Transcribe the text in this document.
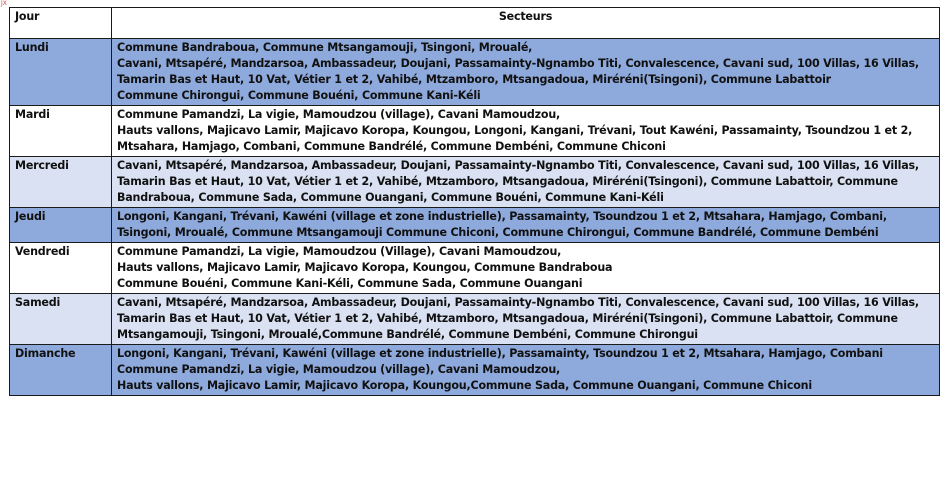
JX
Jour	Secteurs
Lundi	Commune Bandraboua, Commune Mtsangamouji, Tsingoni, Mroualé,
Cavani, Mtsapéré, Mandzarsoa, Ambassadeur, Doujani, Passamainty-Ngnambo Titi, Convalescence, Cavani sud, 100 Villas, 16 Villas,
Tamarin Bas et Haut, 10 Vat, Vétier 1 et 2, Vahibé, Mtzamboro, Mtsangadoua, Miréréni(Tsingoni), Commune Labattoir
Commune Chirongui, Commune Bouéni, Commune Kani-Kéli

Mardi	Commune Pamandzi, La vigie, Mamoudzou (village), Cavani Mamoudzou,
Hauts vallons, Majicavo Lamir, Majicavo Koropa, Koungou, Longoni, Kangani, Trévani, Tout Kawéni, Passamainty, Tsoundzou 1 et 2,
Mtsahara, Hamjago, Combani, Commune Bandrélé, Commune Dembéni, Commune Chiconi

Mercredi	Cavani, Mtsapéré, Mandzarsoa, Ambassadeur, Doujani, Passamainty-Ngnambo Titi, Convalescence, Cavani sud, 100 Villas, 16 Villas,
Tamarin Bas et Haut, 10 Vat, Vétier 1 et 2, Vahibé, Mtzamboro, Mtsangadoua, Miréréni(Tsingoni), Commune Labattoir, Commune
Bandraboua, Commune Sada, Commune Ouangani, Commune Bouéni, Commune Kani-Kéli

Jeudi	Longoni, Kangani, Trévani, Kawéni (village et zone industrielle), Passamainty, Tsoundzou 1 et 2, Mtsahara, Hamjago, Combani,
Tsingoni, Mroualé, Commune Mtsangamouji Commune Chiconi, Commune Chirongui, Commune Bandrélé, Commune Dembéni

Vendredi	Commune Pamandzi, La vigie, Mamoudzou (Village), Cavani Mamoudzou,
Hauts vallons, Majicavo Lamir, Majicavo Koropa, Koungou, Commune Bandraboua
Commune Bouéni, Commune Kani-Kéli, Commune Sada, Commune Ouangani

Samedi	Cavani, Mtsapéré, Mandzarsoa, Ambassadeur, Doujani, Passamainty-Ngnambo Titi, Convalescence, Cavani sud, 100 Villas, 16 Villas,
Tamarin Bas et Haut, 10 Vat, Vétier 1 et 2, Vahibé, Mtzamboro, Mtsangadoua, Miréréni(Tsingoni), Commune Labattoir, Commune
Mtsangamouji, Tsingoni, Mroualé,Commune Bandrélé, Commune Dembéni, Commune Chirongui

Dimanche	Longoni, Kangani, Trévani, Kawéni (village et zone industrielle), Passamainty, Tsoundzou 1 et 2, Mtsahara, Hamjago, Combani
Commune Pamandzi, La vigie, Mamoudzou (village), Cavani Mamoudzou,
Hauts vallons, Majicavo Lamir, Majicavo Koropa, Koungou,Commune Sada, Commune Ouangani, Commune Chiconi
